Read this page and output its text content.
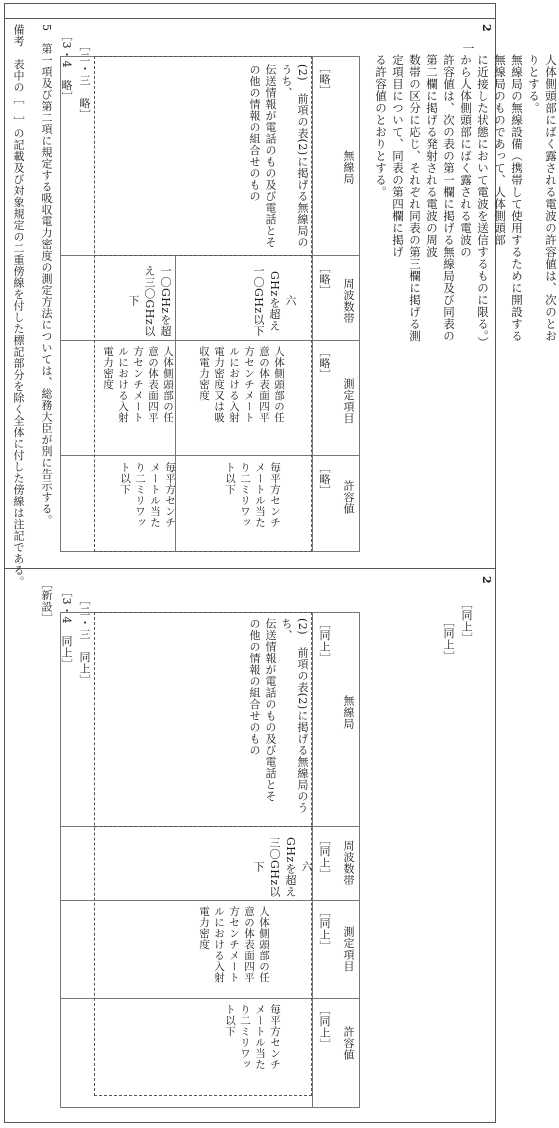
2
一
人体側頭部にばく露される電波の許容値は、次のとおりとする。
無線局の無線設備（携帯して使用するために開設する無線局のものであって、人体側頭部
に近接した状態において電波を送信するものに限る。）から人体側頭部にばく露される電波の
許容値は、次の表の第一欄に掲げる無線局及び同表の第二欄に掲げる発射される電波の周波
数帯の区分に応じ、それぞれ同表の第三欄に掲げる測定項目について、同表の第四欄に掲げ
る許容値のとおりとする。
無線局
周波数帯
測定項目
許容値
［略］
［略］
［略］
［略］
(2)　前項の表(2)に掲げる無線局のうち、
伝送情報が電話のもの及び電話とそ
の他の情報の組合せのもの
六
GHzを超え
一〇GHz以下
一〇GHzを超
え三〇GHz以
下
人体側頭部の任
意の体表面四平
方センチメート
ルにおける入射
電力密度又は吸
収電力密度
人体側頭部の任
意の体表面四平
方センチメート
ルにおける入射
電力密度
毎平方センチ
メートル当た
り二ミリワッ
ト以下
毎平方センチ
メートル当た
り二ミリワッ
ト以下
［二・三　略］
［3・4　略］
5　第一項及び第二項に規定する吸収電力密度の測定方法については、総務大臣が別に告示する。
2
［同上］
［同上］
無線局
周波数帯
測定項目
許容値
［同上］
［同上］
［同上］
［同上］
(2)　前項の表(2)に掲げる無線局のうち、
伝送情報が電話のもの及び電話とそ
の他の情報の組合せのもの
六
GHzを超え
三〇GHz以下
人体側頭部の任
意の体表面四平
方センチメート
ルにおける入射
電力密度
毎平方センチ
メートル当た
り二ミリワッ
ト以下
［二・三　同上］
［3・4　同上］
［新設］
備考　表中の［　］の記載及び対象規定の二重傍線を付した標記部分を除く全体に付した傍線は注記である。
